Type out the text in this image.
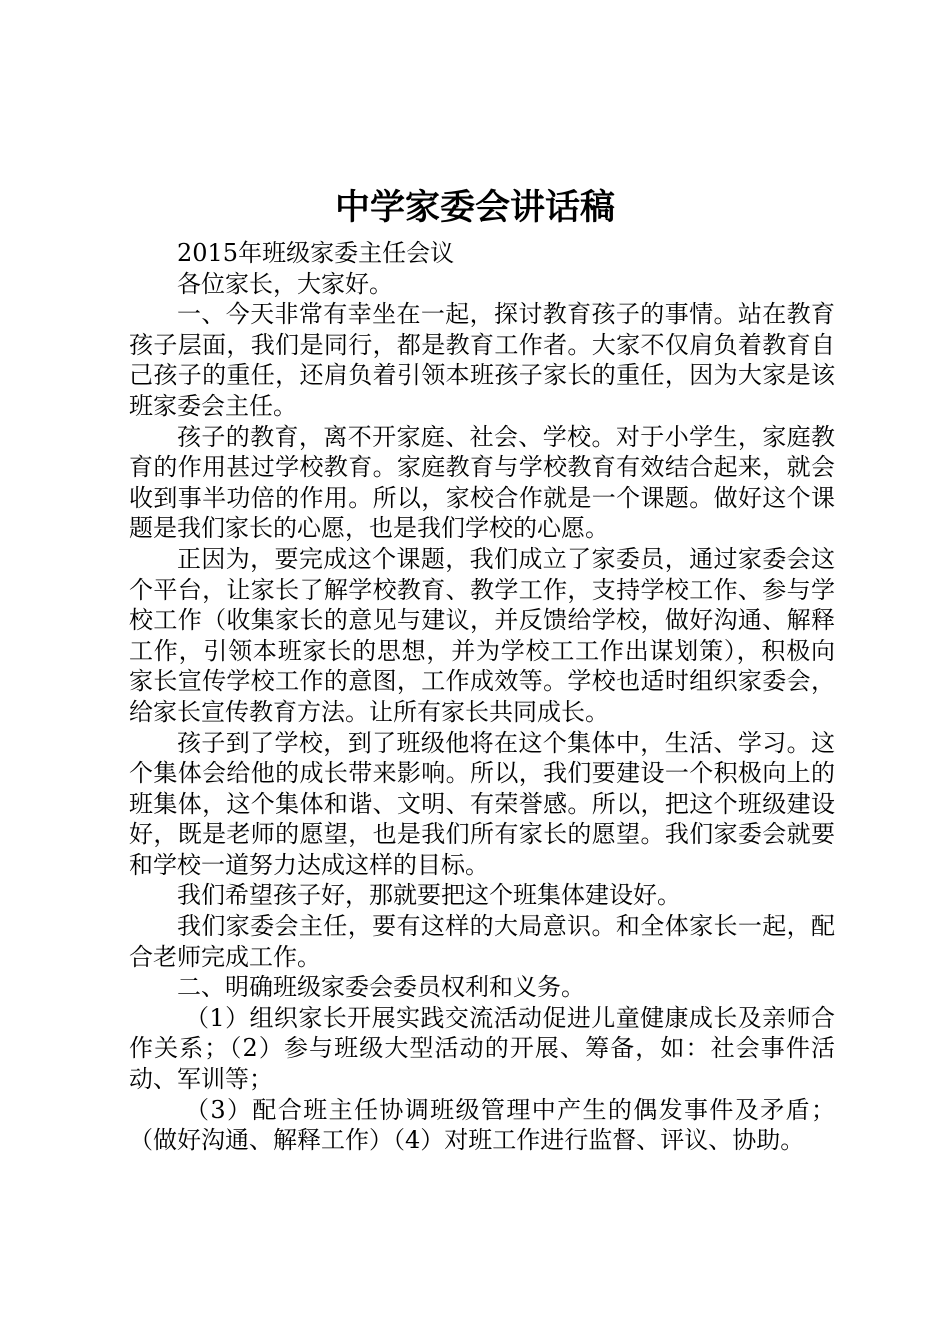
中学家委会讲话稿

2015年班级家委主任会议

各位家长，大家好。

一、今天非常有幸坐在一起，探讨教育孩子的事情。站在教育孩子层面，我们是同行，都是教育工作者。大家不仅肩负着教育自己孩子的重任，还肩负着引领本班孩子家长的重任，因为大家是该班家委会主任。

孩子的教育，离不开家庭、社会、学校。对于小学生，家庭教育的作用甚过学校教育。家庭教育与学校教育有效结合起来，就会收到事半功倍的作用。所以，家校合作就是一个课题。做好这个课题是我们家长的心愿，也是我们学校的心愿。

正因为，要完成这个课题，我们成立了家委员，通过家委会这个平台，让家长了解学校教育、教学工作，支持学校工作、参与学校工作（收集家长的意见与建议，并反馈给学校，做好沟通、解释工作，引领本班家长的思想，并为学校工工作出谋划策），积极向家长宣传学校工作的意图，工作成效等。学校也适时组织家委会，给家长宣传教育方法。让所有家长共同成长。

孩子到了学校，到了班级他将在这个集体中，生活、学习。这个集体会给他的成长带来影响。所以，我们要建设一个积极向上的班集体，这个集体和谐、文明、有荣誉感。所以，把这个班级建设好，既是老师的愿望，也是我们所有家长的愿望。我们家委会就要和学校一道努力达成这样的目标。

我们希望孩子好，那就要把这个班集体建设好。

我们家委会主任，要有这样的大局意识。和全体家长一起，配合老师完成工作。

二、明确班级家委会委员权利和义务。

（1）组织家长开展实践交流活动促进儿童健康成长及亲师合作关系；（2）参与班级大型活动的开展、筹备，如：社会事件活动、军训等；

（3）配合班主任协调班级管理中产生的偶发事件及矛盾；（做好沟通、解释工作）（4）对班工作进行监督、评议、协助。
